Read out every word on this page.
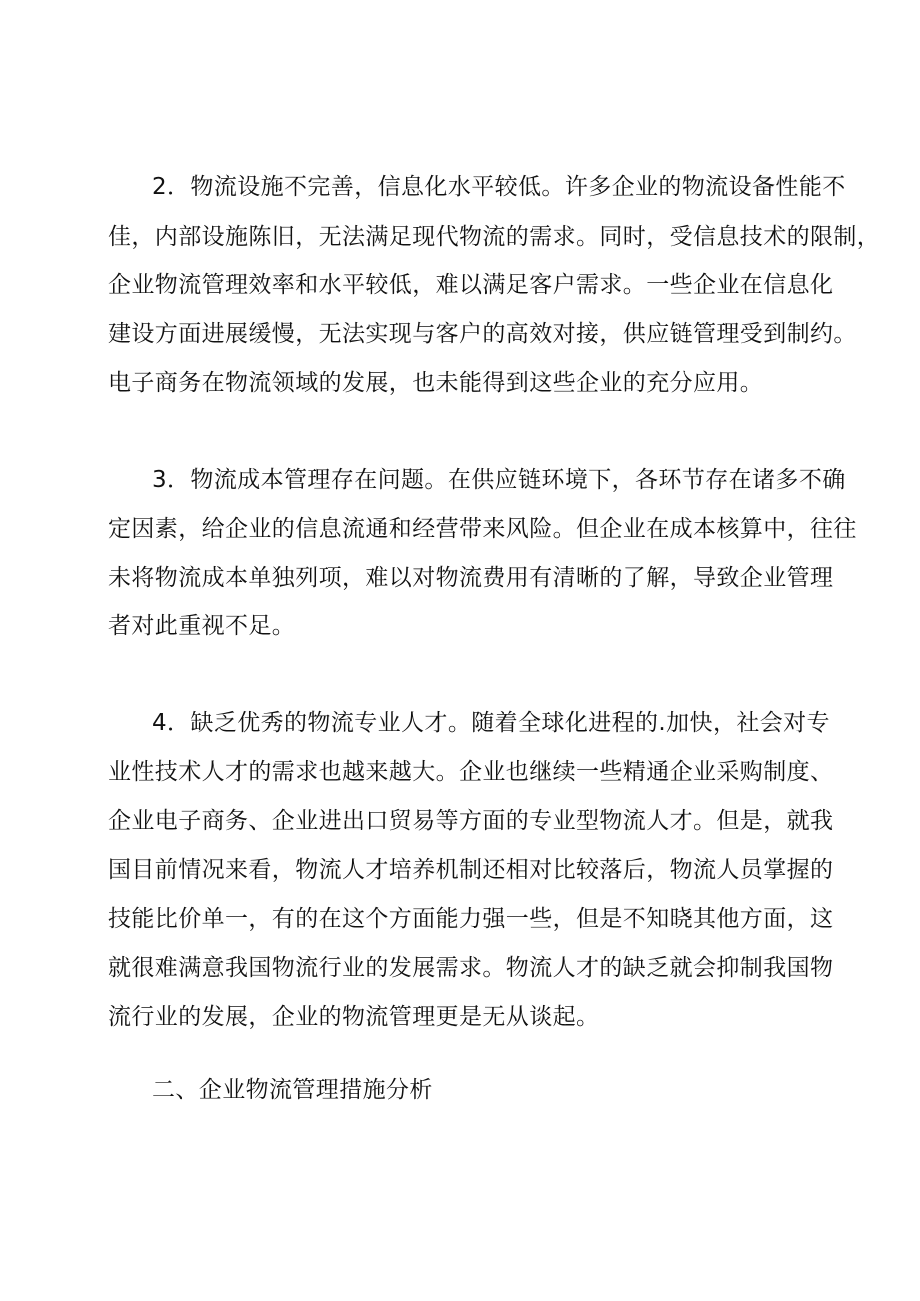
2．物流设施不完善，信息化水平较低。许多企业的物流设备性能不
佳，内部设施陈旧，无法满足现代物流的需求。同时，受信息技术的限制，
企业物流管理效率和水平较低，难以满足客户需求。一些企业在信息化
建设方面进展缓慢，无法实现与客户的高效对接，供应链管理受到制约。
电子商务在物流领域的发展，也未能得到这些企业的充分应用。
3．物流成本管理存在问题。在供应链环境下，各环节存在诸多不确
定因素，给企业的信息流通和经营带来风险。但企业在成本核算中，往往
未将物流成本单独列项，难以对物流费用有清晰的了解，导致企业管理
者对此重视不足。
4．缺乏优秀的物流专业人才。随着全球化进程的.加快，社会对专
业性技术人才的需求也越来越大。企业也继续一些精通企业采购制度、
企业电子商务、企业进出口贸易等方面的专业型物流人才。但是，就我
国目前情况来看，物流人才培养机制还相对比较落后，物流人员掌握的
技能比价单一，有的在这个方面能力强一些，但是不知晓其他方面，这
就很难满意我国物流行业的发展需求。物流人才的缺乏就会抑制我国物
流行业的发展，企业的物流管理更是无从谈起。
二、企业物流管理措施分析
